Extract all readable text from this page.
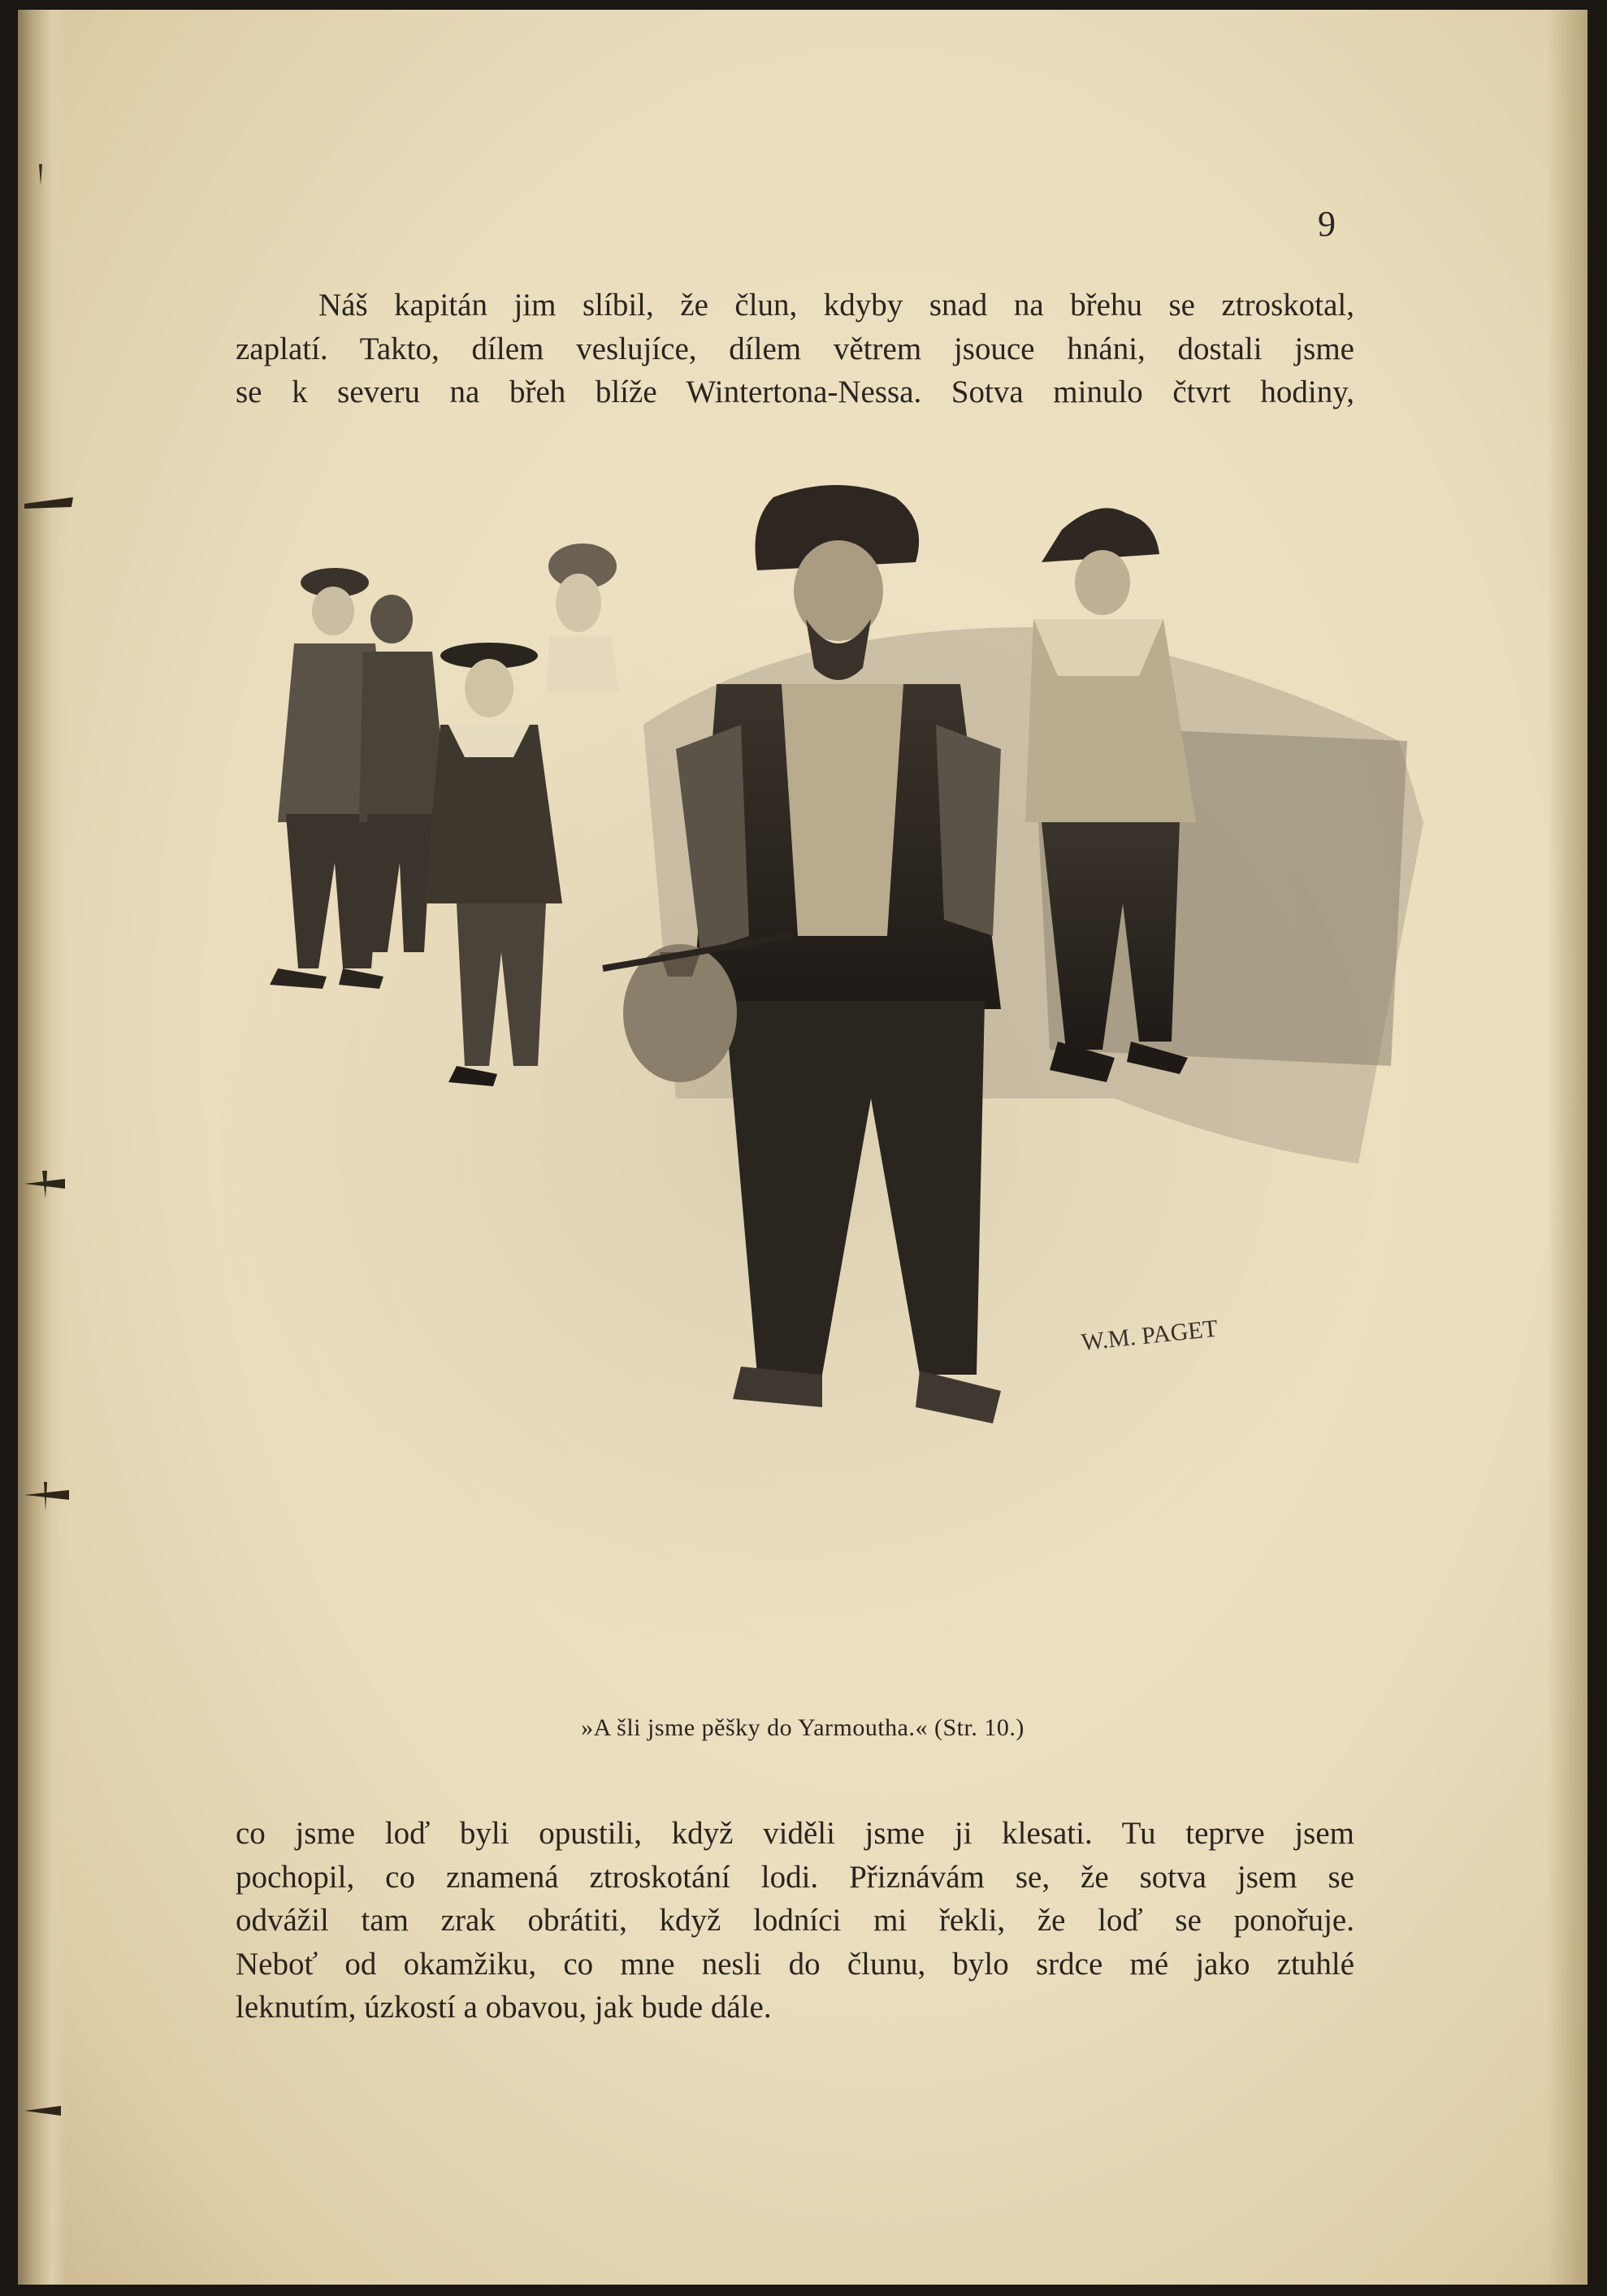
9
Náš kapitán jim slíbil, že člun, kdyby snad na břehu se ztroskotal,
zaplatí. Takto, dílem veslujíce, dílem větrem jsouce hnáni, dostali jsme
se k severu na břeh blíže Wintertona-Nessa. Sotva minulo čtvrt hodiny,
W.M. PAGET
»A šli jsme pěšky do Yarmoutha.« (Str. 10.)
co jsme loď byli opustili, když viděli jsme ji klesati. Tu teprve jsem
pochopil, co znamená ztroskotání lodi. Přiznávám se, že sotva jsem se
odvážil tam zrak obrátiti, když lodníci mi řekli, že loď se ponořuje.
Neboť od okamžiku, co mne nesli do člunu, bylo srdce mé jako ztuhlé
leknutím, úzkostí a obavou, jak bude dále.
